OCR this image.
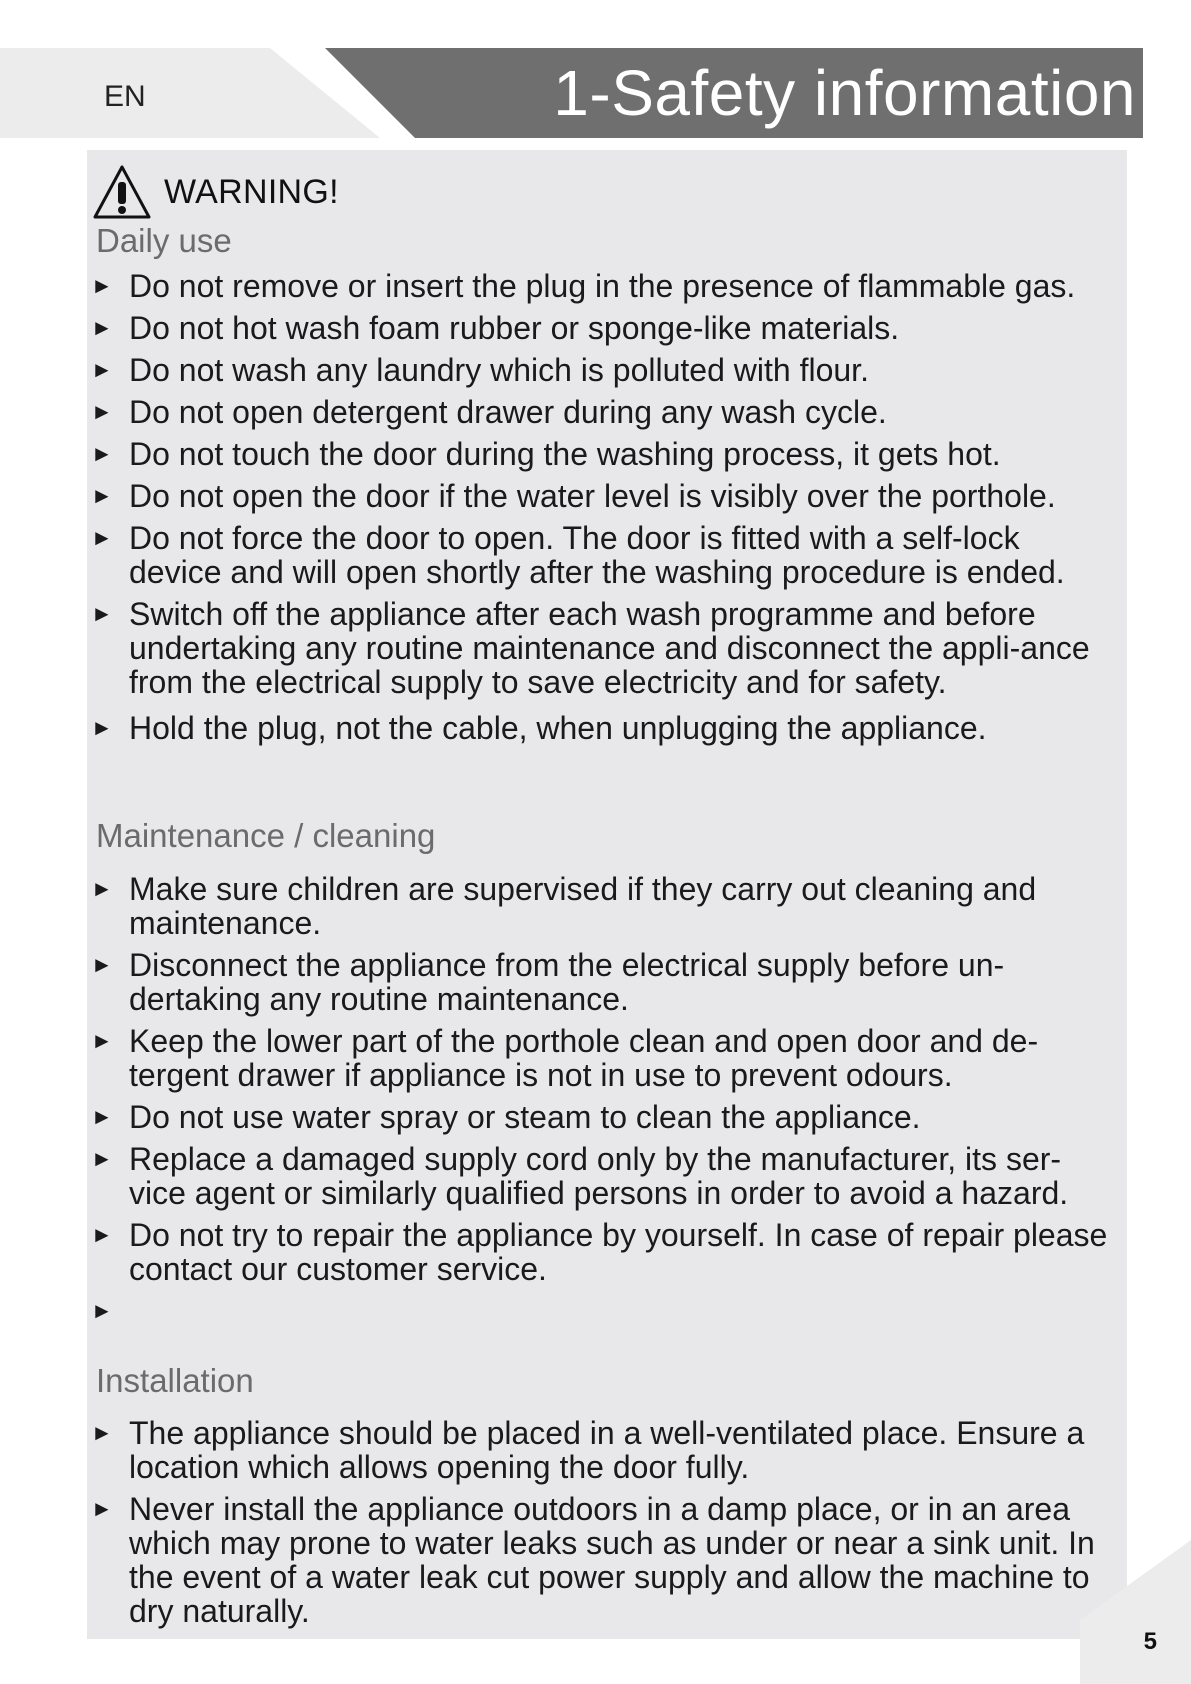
EN	1-Safety information
WARNING!
Daily use
► Do not remove or insert the plug in the presence of flammable gas.
► Do not hot wash foam rubber or sponge-like materials.
► Do not wash any laundry which is polluted with flour.
► Do not open detergent drawer during any wash cycle.
► Do not touch the door during the washing process, it gets hot.
► Do not open the door if the water level is visibly over the porthole.
► Do not force the door to open. The door is fitted with a self-lock device and will open shortly after the washing procedure is ended.
► Switch off the appliance after each wash programme and before undertaking any routine maintenance and disconnect the appli-ance from the electrical supply to save electricity and for safety.
► Hold the plug, not the cable, when unplugging the appliance.
Maintenance / cleaning
► Make sure children are supervised if they carry out cleaning and maintenance.
► Disconnect the appliance from the electrical supply before un-dertaking any routine maintenance.
► Keep the lower part of the porthole clean and open door and de-tergent drawer if appliance is not in use to prevent odours.
► Do not use water spray or steam to clean the appliance.
► Replace a damaged supply cord only by the manufacturer, its ser-vice agent or similarly qualified persons in order to avoid a hazard.
► Do not try to repair the appliance by yourself. In case of repair please contact our customer service.
►
Installation
► The appliance should be placed in a well-ventilated place. Ensure a location which allows opening the door fully.
► Never install the appliance outdoors in a damp place, or in an area which may prone to water leaks such as under or near a sink unit. In the event of a water leak cut power supply and allow the machine to dry naturally.
5
